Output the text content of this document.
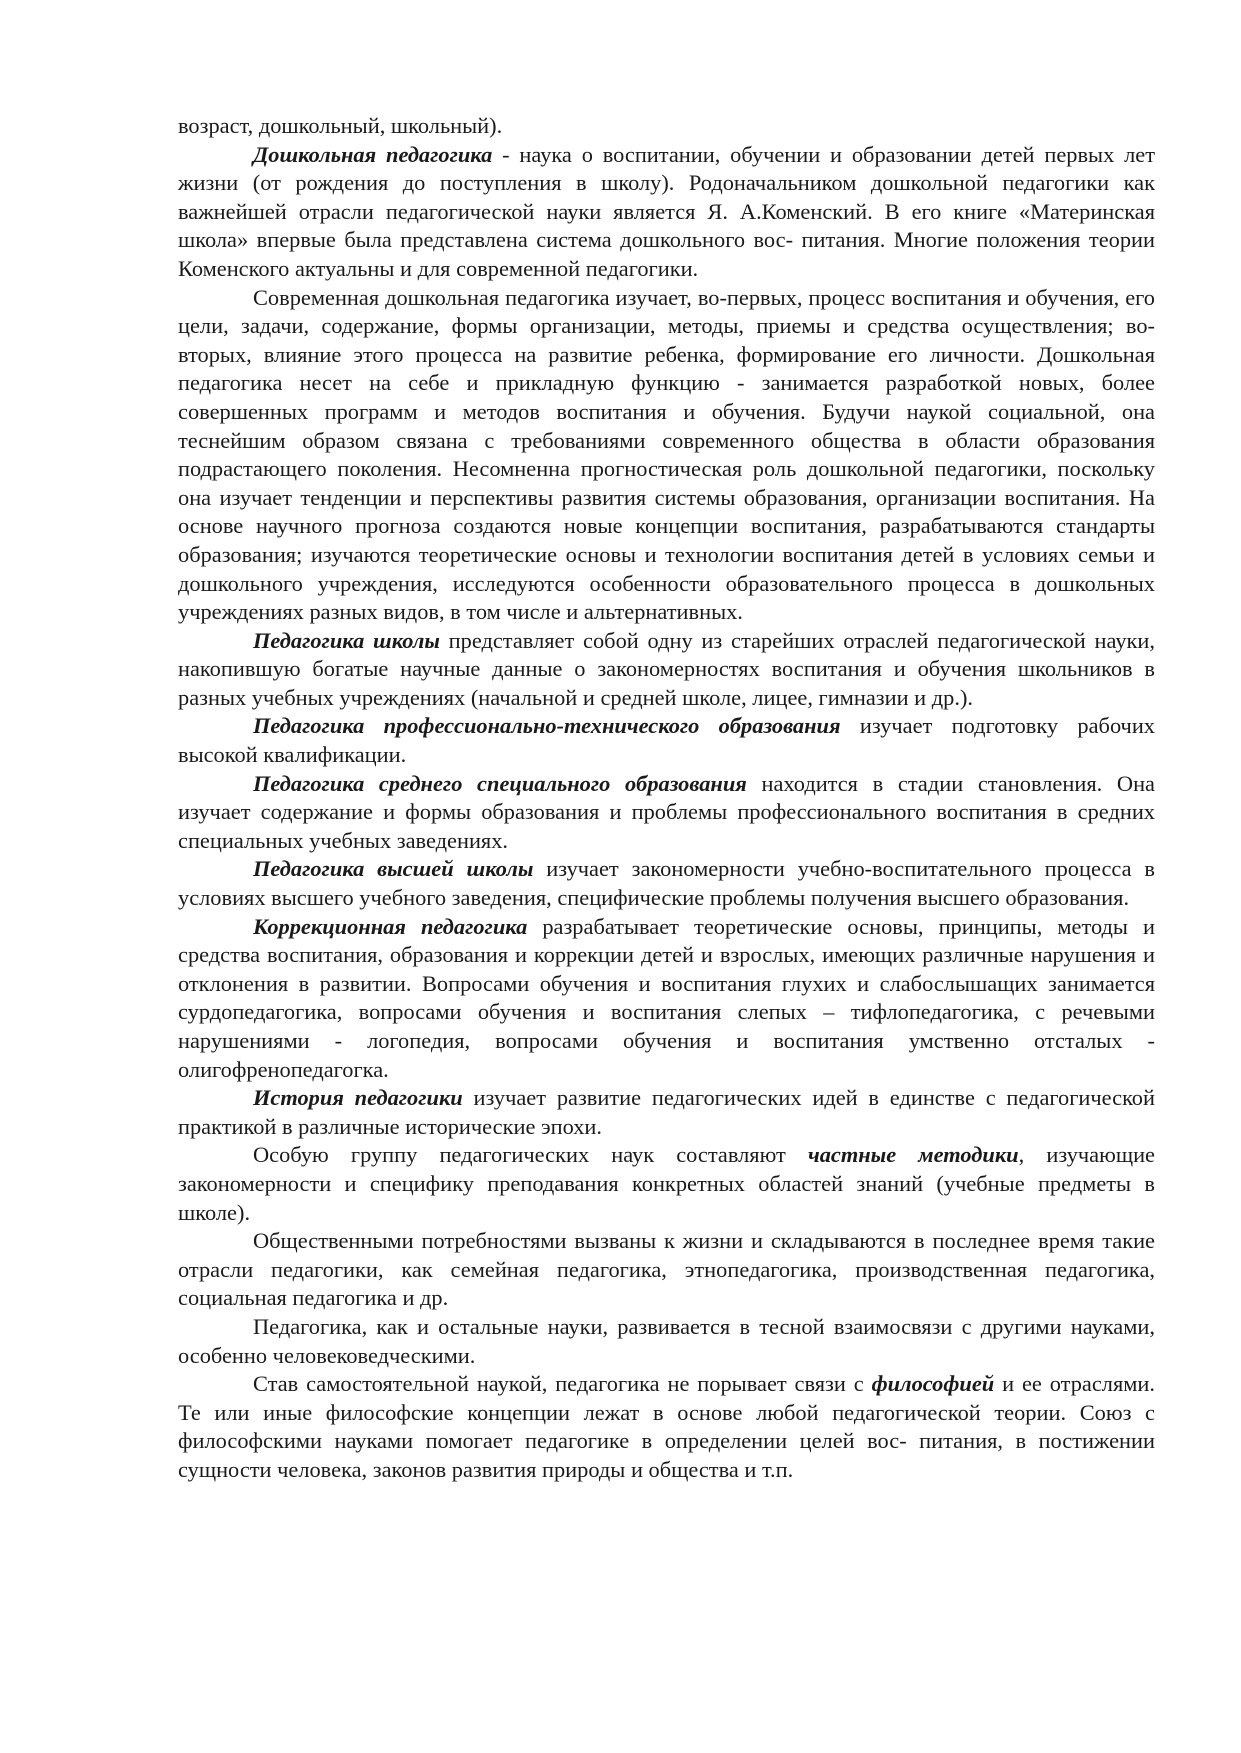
возраст, дошкольный, школьный).

Дошкольная педагогика - наука о воспитании, обучении и образовании детей первых лет жизни (от рождения до поступления в школу). Родоначальником дошкольной педагогики как важнейшей отрасли педагогической науки является Я. А.Коменский. В его книге «Материнская школа» впервые была представлена система дошкольного вос- питания. Многие положения теории Коменского актуальны и для современной педагогики.

Современная дошкольная педагогика изучает, во-первых, процесс воспитания и обучения, его цели, задачи, содержание, формы организации, методы, приемы и средства осуществления; во-вторых, влияние этого процесса на развитие ребенка, формирование его личности. Дошкольная педагогика несет на себе и прикладную функцию - занимается разработкой новых, более совершенных программ и методов воспитания и обучения. Будучи наукой социальной, она теснейшим образом связана с требованиями современного общества в области образования подрастающего поколения. Несомненна прогностическая роль дошкольной педагогики, поскольку она изучает тенденции и перспективы развития системы образования, организации воспитания. На основе научного прогноза создаются новые концепции воспитания, разрабатываются стандарты образования; изучаются теоретические основы и технологии воспитания детей в условиях семьи и дошкольного учреждения, исследуются особенности образовательного процесса в дошкольных учреждениях разных видов, в том числе и альтернативных.

Педагогика школы представляет собой одну из старейших отраслей педагогической науки, накопившую богатые научные данные о закономерностях воспитания и обучения школьников в разных учебных учреждениях (начальной и средней школе, лицее, гимназии и др.).

Педагогика профессионально-технического образования изучает подготовку рабочих высокой квалификации.

Педагогика среднего специального образования находится в стадии становления. Она изучает содержание и формы образования и проблемы профессионального воспитания в средних специальных учебных заведениях.

Педагогика высшей школы изучает закономерности учебно-воспитательного процесса в условиях высшего учебного заведения, специфические проблемы получения высшего образования.

Коррекционная педагогика разрабатывает теоретические основы, принципы, методы и средства воспитания, образования и коррекции детей и взрослых, имеющих различные нарушения и отклонения в развитии. Вопросами обучения и воспитания глухих и слабослышащих занимается сурдопедагогика, вопросами обучения и воспитания слепых – тифлопедагогика, с речевыми нарушениями - логопедия, вопросами обучения и воспитания умственно отсталых - олигофренопедагогка.

История педагогики изучает развитие педагогических идей в единстве с педагогической практикой в различные исторические эпохи.

Особую группу педагогических наук составляют частные методики, изучающие закономерности и специфику преподавания конкретных областей знаний (учебные предметы в школе).

Общественными потребностями вызваны к жизни и складываются в последнее время такие отрасли педагогики, как семейная педагогика, этнопедагогика, производственная педагогика, социальная педагогика и др.

Педагогика, как и остальные науки, развивается в тесной взаимосвязи с другими науками, особенно человековедческими.

Став самостоятельной наукой, педагогика не порывает связи с философией и ее отраслями. Те или иные философские концепции лежат в основе любой педагогической теории. Союз с философскими науками помогает педагогике в определении целей вос- питания, в постижении сущности человека, законов развития природы и общества и т.п.
